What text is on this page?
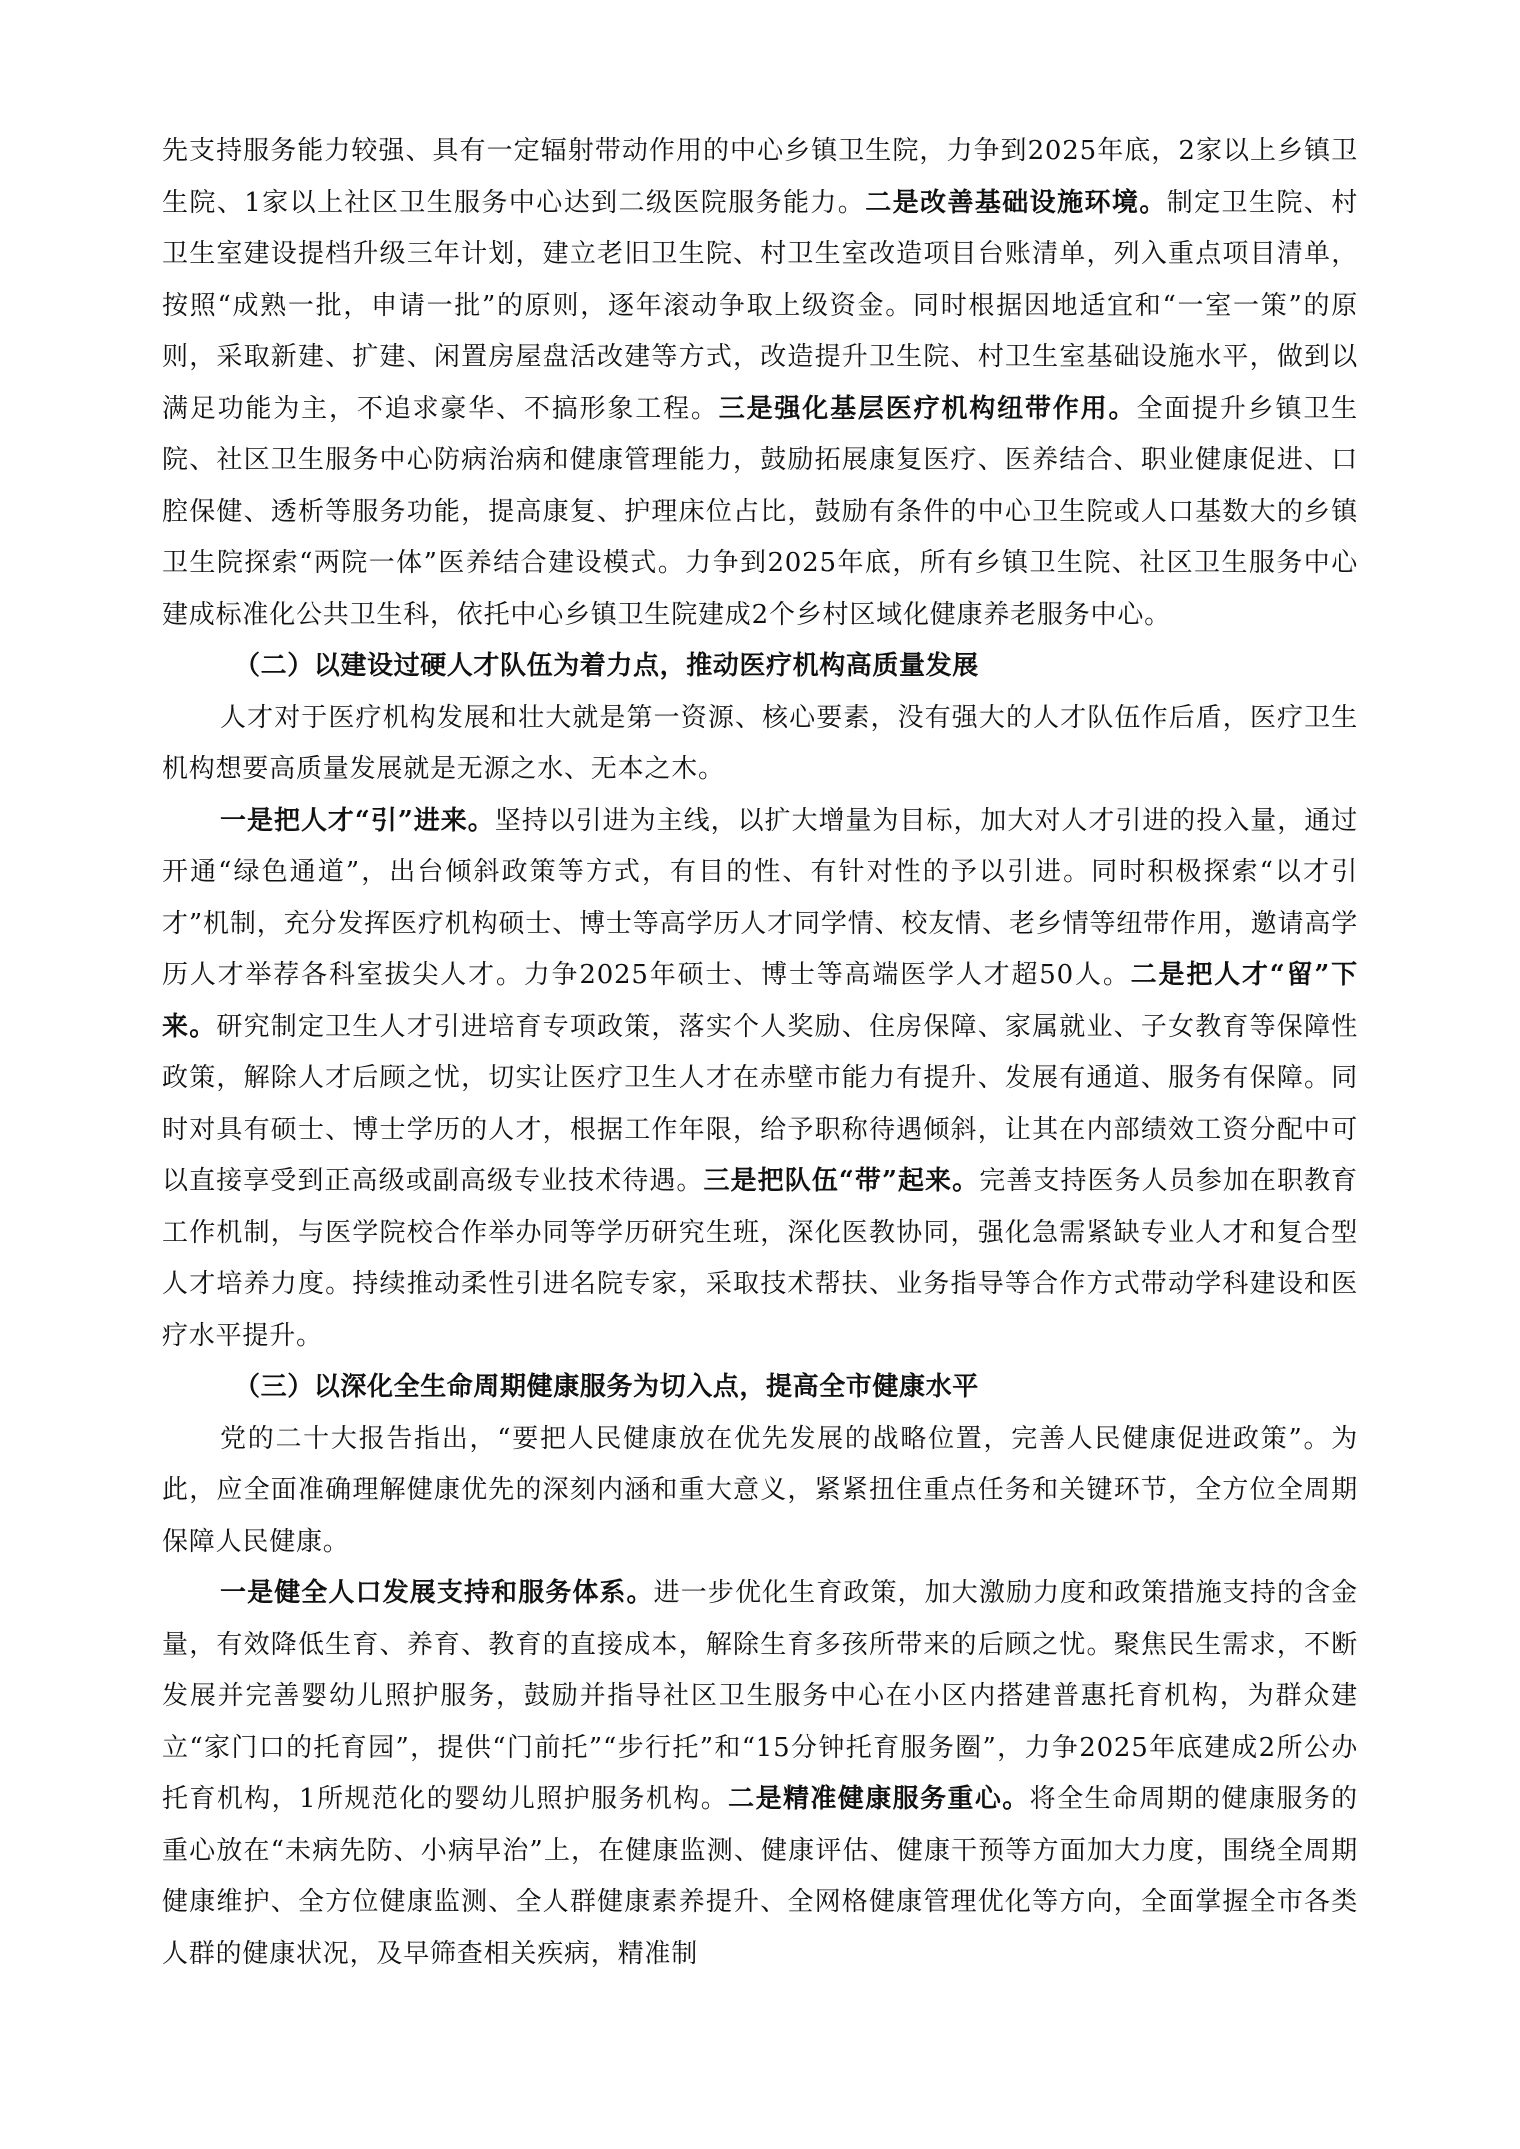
先支持服务能力较强、具有一定辐射带动作用的中心乡镇卫生院，力争到2025年底，2家以上乡镇卫生院、1家以上社区卫生服务中心达到二级医院服务能力。二是改善基础设施环境。制定卫生院、村卫生室建设提档升级三年计划，建立老旧卫生院、村卫生室改造项目台账清单，列入重点项目清单，按照“成熟一批，申请一批”的原则，逐年滚动争取上级资金。同时根据因地适宜和“一室一策”的原则，采取新建、扩建、闲置房屋盘活改建等方式，改造提升卫生院、村卫生室基础设施水平，做到以满足功能为主，不追求豪华、不搞形象工程。三是强化基层医疗机构纽带作用。全面提升乡镇卫生院、社区卫生服务中心防病治病和健康管理能力，鼓励拓展康复医疗、医养结合、职业健康促进、口腔保健、透析等服务功能，提高康复、护理床位占比，鼓励有条件的中心卫生院或人口基数大的乡镇卫生院探索“两院一体”医养结合建设模式。力争到2025年底，所有乡镇卫生院、社区卫生服务中心建成标准化公共卫生科，依托中心乡镇卫生院建成2个乡村区域化健康养老服务中心。

（二）以建设过硬人才队伍为着力点，推动医疗机构高质量发展

人才对于医疗机构发展和壮大就是第一资源、核心要素，没有强大的人才队伍作后盾，医疗卫生机构想要高质量发展就是无源之水、无本之木。

一是把人才“引”进来。坚持以引进为主线，以扩大增量为目标，加大对人才引进的投入量，通过开通“绿色通道”，出台倾斜政策等方式，有目的性、有针对性的予以引进。同时积极探索“以才引才”机制，充分发挥医疗机构硕士、博士等高学历人才同学情、校友情、老乡情等纽带作用，邀请高学历人才举荐各科室拔尖人才。力争2025年硕士、博士等高端医学人才超50人。二是把人才“留”下来。研究制定卫生人才引进培育专项政策，落实个人奖励、住房保障、家属就业、子女教育等保障性政策，解除人才后顾之忧，切实让医疗卫生人才在赤壁市能力有提升、发展有通道、服务有保障。同时对具有硕士、博士学历的人才，根据工作年限，给予职称待遇倾斜，让其在内部绩效工资分配中可以直接享受到正高级或副高级专业技术待遇。三是把队伍“带”起来。完善支持医务人员参加在职教育工作机制，与医学院校合作举办同等学历研究生班，深化医教协同，强化急需紧缺专业人才和复合型人才培养力度。持续推动柔性引进名院专家，采取技术帮扶、业务指导等合作方式带动学科建设和医疗水平提升。

（三）以深化全生命周期健康服务为切入点，提高全市健康水平

党的二十大报告指出，“要把人民健康放在优先发展的战略位置，完善人民健康促进政策”。为此，应全面准确理解健康优先的深刻内涵和重大意义，紧紧扭住重点任务和关键环节，全方位全周期保障人民健康。

一是健全人口发展支持和服务体系。进一步优化生育政策，加大激励力度和政策措施支持的含金量，有效降低生育、养育、教育的直接成本，解除生育多孩所带来的后顾之忧。聚焦民生需求，不断发展并完善婴幼儿照护服务，鼓励并指导社区卫生服务中心在小区内搭建普惠托育机构，为群众建立“家门口的托育园”，提供“门前托”“步行托”和“15分钟托育服务圈”，力争2025年底建成2所公办托育机构，1所规范化的婴幼儿照护服务机构。二是精准健康服务重心。将全生命周期的健康服务的重心放在“未病先防、小病早治”上，在健康监测、健康评估、健康干预等方面加大力度，围绕全周期健康维护、全方位健康监测、全人群健康素养提升、全网格健康管理优化等方向，全面掌握全市各类人群的健康状况，及早筛查相关疾病，精准制
